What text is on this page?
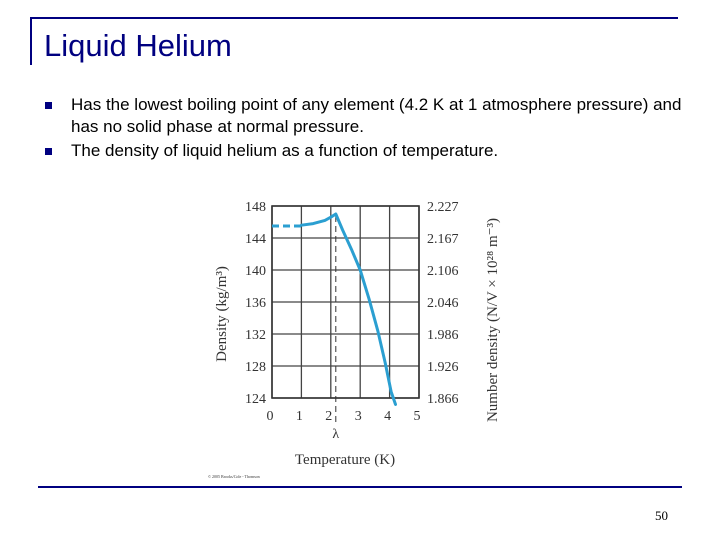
Liquid Helium
Has the lowest boiling point of any element (4.2 K at 1 atmosphere pressure) and has no solid phase at normal pressure.
The density of liquid helium as a function of temperature.
124
128
132
136
140
144
148
1.866
1.926
1.986
2.046
2.106
2.167
2.227
0 1 2 3 4 5
λ
Temperature (K)
Density (kg/m³)	Number density (N/V × 10²⁸ m⁻³)
© 2005 Brooks/Cole - Thomson
50
